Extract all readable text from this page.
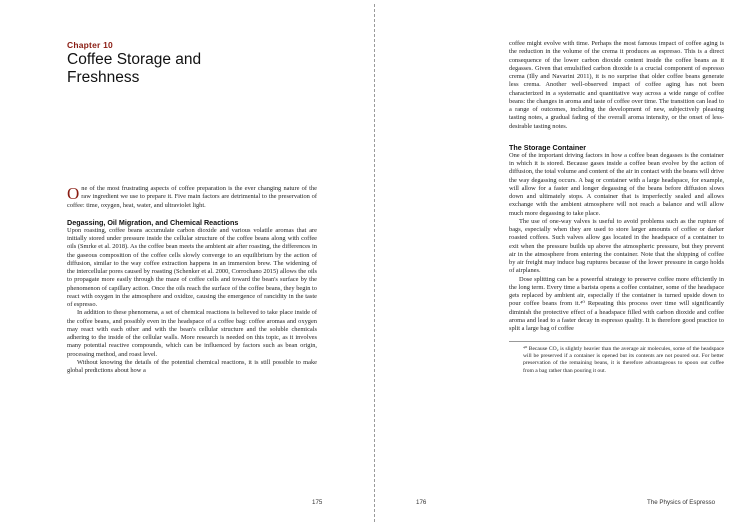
Chapter 10
Coffee Storage and Freshness

One of the most frustrating aspects of coffee preparation is the ever changing nature of the raw ingredient we use to prepare it. Five main factors are detrimental to the preservation of coffee: time, oxygen, heat, water, and ultraviolet light.

Degassing, Oil Migration, and Chemical Reactions

Upon roasting, coffee beans accumulate carbon dioxide and various volatile aromas that are initially stored under pressure inside the cellular structure of the coffee beans along with coffee oils (Smrke et al. 2018). As the coffee bean meets the ambient air after roasting, the differences in the gaseous composition of the coffee cells slowly converge to an equilibrium by the action of diffusion, similar to the way coffee extraction happens in an immersion brew. The widening of the intercellular pores caused by roasting (Schenker et al. 2000, Corrochano 2015) allows the oils to propagate more easily through the maze of coffee cells and toward the bean's surface by the phenomenon of capillary action. Once the oils reach the surface of the coffee beans, they begin to react with oxygen in the atmosphere and oxidize, causing the emergence of rancidity in the taste of espresso.

In addition to these phenomena, a set of chemical reactions is believed to take place inside of the coffee beans, and possibly even in the headspace of a coffee bag: coffee aromas and oxygen may react with each other and with the bean's cellular structure and the soluble chemicals adhering to the inside of the cellular walls. More research is needed on this topic, as it involves many potential reactive compounds, which can be influenced by factors such as bean origin, processing method, and roast level.

Without knowing the details of the potential chemical reactions, it is still possible to make global predictions about how a

175

coffee might evolve with time. Perhaps the most famous impact of coffee aging is the reduction in the volume of the crema it produces as espresso. This is a direct consequence of the lower carbon dioxide content inside the coffee beans as it degasses. Given that emulsified carbon dioxide is a crucial component of espresso crema (Illy and Navarini 2011), it is no surprise that older coffee beans generate less crema. Another well-observed impact of coffee aging has not been characterized in a systematic and quantitative way across a wide range of coffee beans: the changes in aroma and taste of coffee over time. The transition can lead to a range of outcomes, including the development of new, subjectively pleasing tasting notes, a gradual fading of the overall aroma intensity, or the onset of less-desirable tasting notes.

The Storage Container

One of the important driving factors in how a coffee bean degasses is the container in which it is stored. Because gases inside a coffee bean evolve by the action of diffusion, the total volume and content of the air in contact with the beans will drive the way degassing occurs. A bag or container with a large headspace, for example, will allow for a faster and longer degassing of the beans before diffusion slows down and ultimately stops. A container that is imperfectly sealed and allows exchange with the ambient atmosphere will not reach a balance and will allow much more degassing to take place.

The use of one-way valves is useful to avoid problems such as the rupture of bags, especially when they are used to store larger amounts of coffee or darker roasted coffees. Such valves allow gas located in the headspace of a container to exit when the pressure builds up above the atmospheric pressure, but they prevent air in the atmosphere from entering the container. Note that the shipping of coffee by air freight may induce bag ruptures because of the lower pressure in cargo holds of airplanes.

Dose splitting can be a powerful strategy to preserve coffee more efficiently in the long term. Every time a barista opens a coffee container, some of the headspace gets replaced by ambient air, especially if the container is turned upside down to pour coffee beans from it.⁴⁰ Repeating this process over time will significantly diminish the protective effect of a headspace filled with carbon dioxide and coffee aroma and lead to a faster decay in espresso quality. It is therefore good practice to split a large bag of coffee

⁴⁰ Because CO₂ is slightly heavier than the average air molecules, some of the headspace will be preserved if a container is opened but its contents are not poured out. For better preservation of the remaining beans, it is therefore advantageous to spoon out coffee from a bag rather than pouring it out.
176	The Physics of Espresso
